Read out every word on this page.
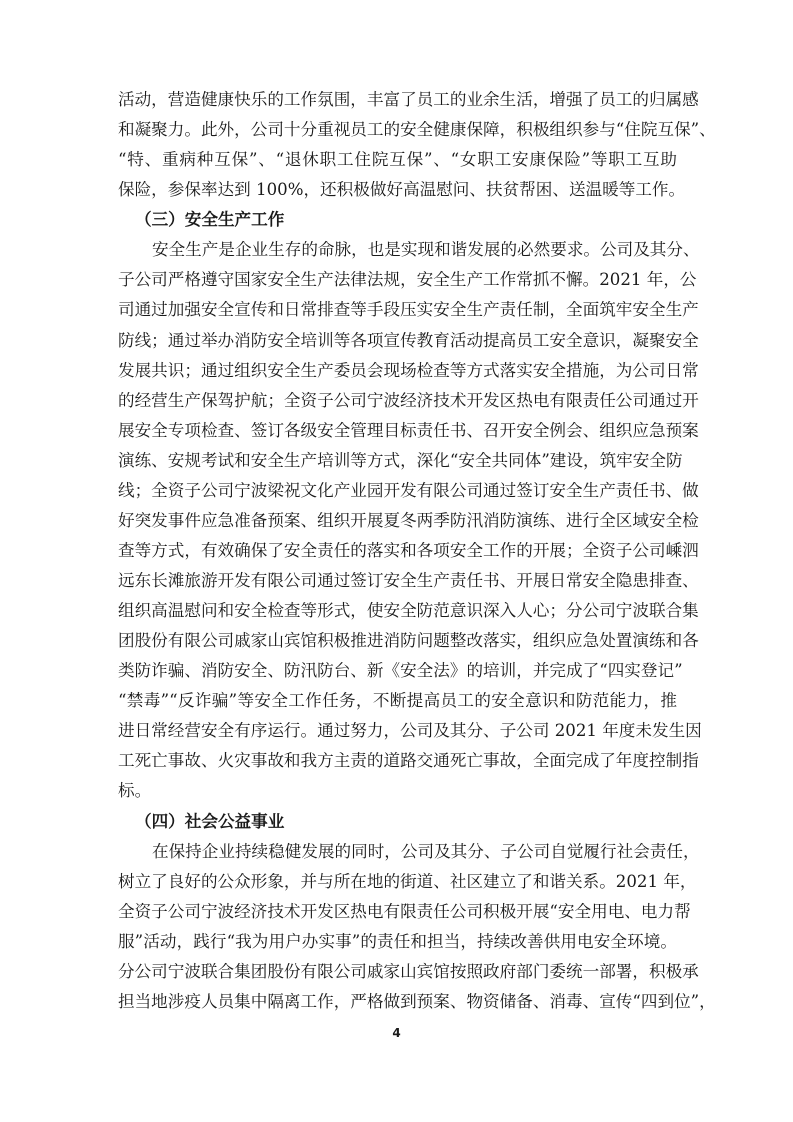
活动，营造健康快乐的工作氛围，丰富了员工的业余生活，增强了员工的归属感
和凝聚力。此外，公司十分重视员工的安全健康保障，积极组织参与“住院互保”、
“特、重病种互保”、“退休职工住院互保”、“女职工安康保险”等职工互助
保险，参保率达到 100%，还积极做好高温慰问、扶贫帮困、送温暖等工作。
（三）安全生产工作
安全生产是企业生存的命脉，也是实现和谐发展的必然要求。公司及其分、
子公司严格遵守国家安全生产法律法规，安全生产工作常抓不懈。2021 年，公
司通过加强安全宣传和日常排查等手段压实安全生产责任制，全面筑牢安全生产
防线；通过举办消防安全培训等各项宣传教育活动提高员工安全意识，凝聚安全
发展共识；通过组织安全生产委员会现场检查等方式落实安全措施，为公司日常
的经营生产保驾护航；全资子公司宁波经济技术开发区热电有限责任公司通过开
展安全专项检查、签订各级安全管理目标责任书、召开安全例会、组织应急预案
演练、安规考试和安全生产培训等方式，深化“安全共同体”建设，筑牢安全防
线；全资子公司宁波梁祝文化产业园开发有限公司通过签订安全生产责任书、做
好突发事件应急准备预案、组织开展夏冬两季防汛消防演练、进行全区域安全检
查等方式，有效确保了安全责任的落实和各项安全工作的开展；全资子公司嵊泗
远东长滩旅游开发有限公司通过签订安全生产责任书、开展日常安全隐患排查、
组织高温慰问和安全检查等形式，使安全防范意识深入人心；分公司宁波联合集
团股份有限公司戚家山宾馆积极推进消防问题整改落实，组织应急处置演练和各
类防诈骗、消防安全、防汛防台、新《安全法》的培训，并完成了“四实登记”
“禁毒”“反诈骗”等安全工作任务，不断提高员工的安全意识和防范能力，推
进日常经营安全有序运行。通过努力，公司及其分、子公司 2021 年度未发生因
工死亡事故、火灾事故和我方主责的道路交通死亡事故，全面完成了年度控制指
标。
（四）社会公益事业
在保持企业持续稳健发展的同时，公司及其分、子公司自觉履行社会责任，
树立了良好的公众形象，并与所在地的街道、社区建立了和谐关系。2021 年，
全资子公司宁波经济技术开发区热电有限责任公司积极开展“安全用电、电力帮
服”活动，践行“我为用户办实事”的责任和担当，持续改善供用电安全环境。
分公司宁波联合集团股份有限公司戚家山宾馆按照政府部门委统一部署，积极承
担当地涉疫人员集中隔离工作，严格做到预案、物资储备、消毒、宣传“四到位”，
4
